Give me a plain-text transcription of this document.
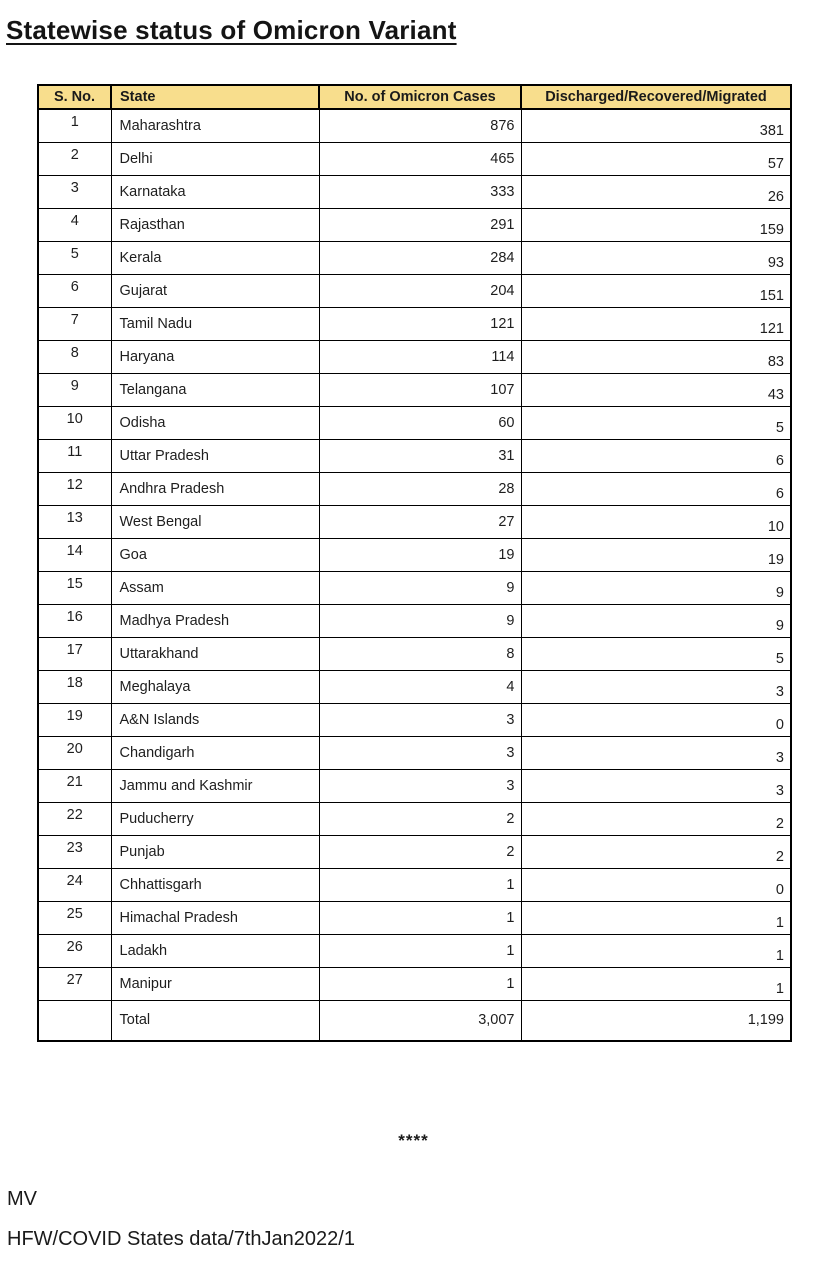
Statewise status of Omicron Variant
S. No.	State	No. of Omicron Cases	Discharged/Recovered/Migrated
1	Maharashtra	876	381
2	Delhi	465	57
3	Karnataka	333	26
4	Rajasthan	291	159
5	Kerala	284	93
6	Gujarat	204	151
7	Tamil Nadu	121	121
8	Haryana	114	83
9	Telangana	107	43
10	Odisha	60	5
11	Uttar Pradesh	31	6
12	Andhra Pradesh	28	6
13	West Bengal	27	10
14	Goa	19	19
15	Assam	9	9
16	Madhya Pradesh	9	9
17	Uttarakhand	8	5
18	Meghalaya	4	3
19	A&N Islands	3	0
20	Chandigarh	3	3
21	Jammu and Kashmir	3	3
22	Puducherry	2	2
23	Punjab	2	2
24	Chhattisgarh	1	0
25	Himachal Pradesh	1	1
26	Ladakh	1	1
27	Manipur	1	1
	Total	3,007	1,199
****
MV
HFW/COVID States data/7thJan2022/1
